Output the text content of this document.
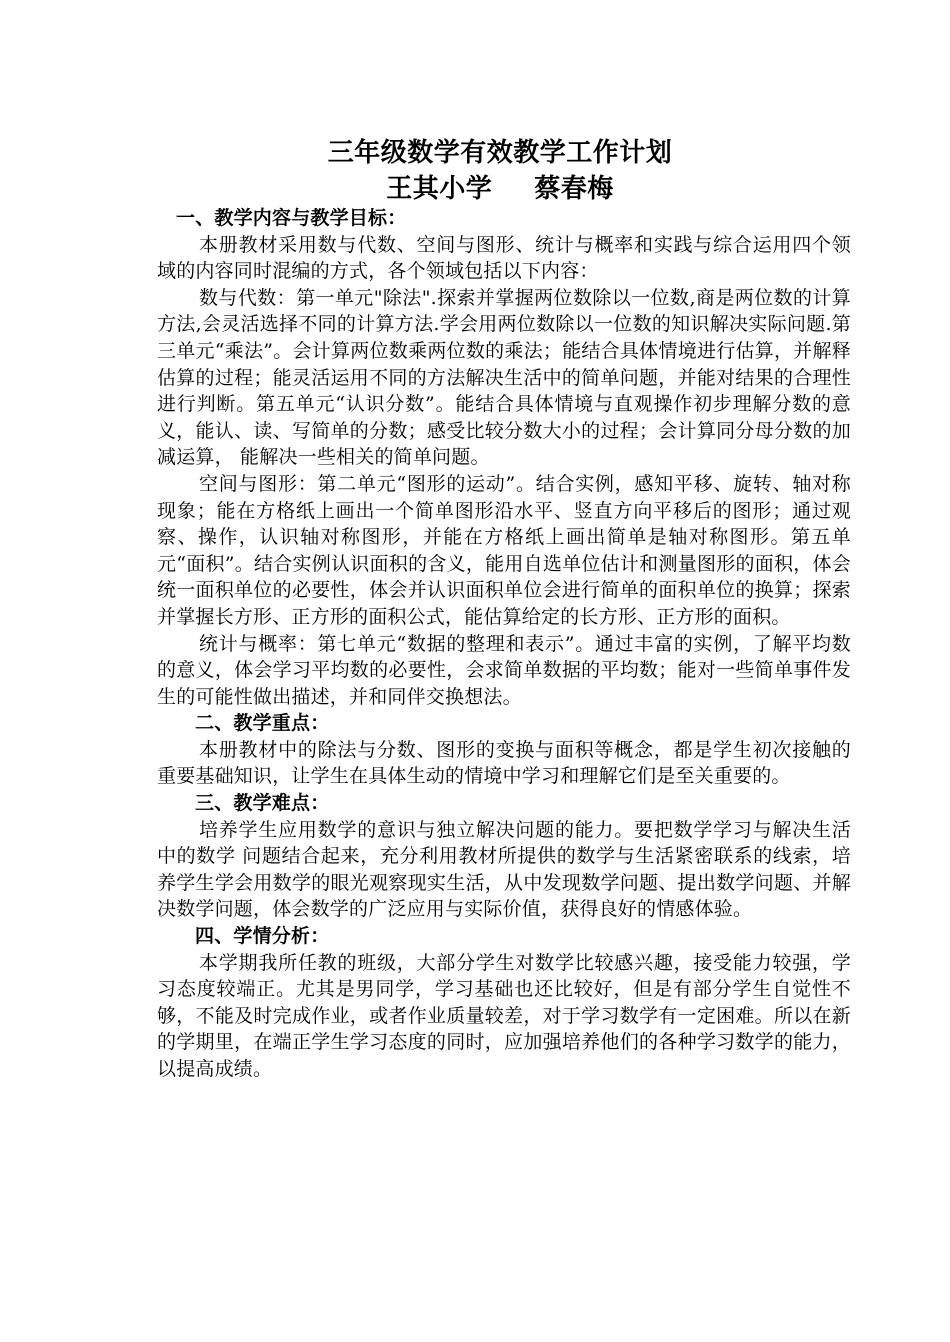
三年级数学有效教学工作计划
王其小学 蔡春梅

一、教学内容与教学目标：

本册教材采用数与代数、空间与图形、统计与概率和实践与综合运用四个领域的内容同时混编的方式，各个领域包括以下内容：

数与代数：第一单元"除法".探索并掌握两位数除以一位数,商是两位数的计算方法,会灵活选择不同的计算方法.学会用两位数除以一位数的知识解决实际问题.第三单元“乘法”。会计算两位数乘两位数的乘法；能结合具体情境进行估算，并解释估算的过程；能灵活运用不同的方法解决生活中的简单问题，并能对结果的合理性进行判断。第五单元“认识分数”。能结合具体情境与直观操作初步理解分数的意义，能认、读、写简单的分数；感受比较分数大小的过程；会计算同分母分数的加减运算， 能解决一些相关的简单问题。

空间与图形：第二单元“图形的运动”。结合实例，感知平移、旋转、轴对称现象；能在方格纸上画出一个简单图形沿水平、竖直方向平移后的图形；通过观察、操作，认识轴对称图形，并能在方格纸上画出简单是轴对称图形。第五单元“面积”。结合实例认识面积的含义，能用自选单位估计和测量图形的面积，体会统一面积单位的必要性，体会并认识面积单位会进行简单的面积单位的换算；探索并掌握长方形、正方形的面积公式，能估算给定的长方形、正方形的面积。

统计与概率：第七单元“数据的整理和表示”。通过丰富的实例，了解平均数的意义，体会学习平均数的必要性，会求简单数据的平均数；能对一些简单事件发生的可能性做出描述，并和同伴交换想法。

二、教学重点：

本册教材中的除法与分数、图形的变换与面积等概念，都是学生初次接触的重要基础知识，让学生在具体生动的情境中学习和理解它们是至关重要的。

三、教学难点：

培养学生应用数学的意识与独立解决问题的能力。要把数学学习与解决生活中的数学 问题结合起来，充分利用教材所提供的数学与生活紧密联系的线索，培养学生学会用数学的眼光观察现实生活，从中发现数学问题、提出数学问题、并解决数学问题，体会数学的广泛应用与实际价值，获得良好的情感体验。

四、学情分析：

本学期我所任教的班级，大部分学生对数学比较感兴趣，接受能力较强，学习态度较端正。尤其是男同学，学习基础也还比较好，但是有部分学生自觉性不够，不能及时完成作业，或者作业质量较差，对于学习数学有一定困难。所以在新的学期里，在端正学生学习态度的同时，应加强培养他们的各种学习数学的能力，以提高成绩。
